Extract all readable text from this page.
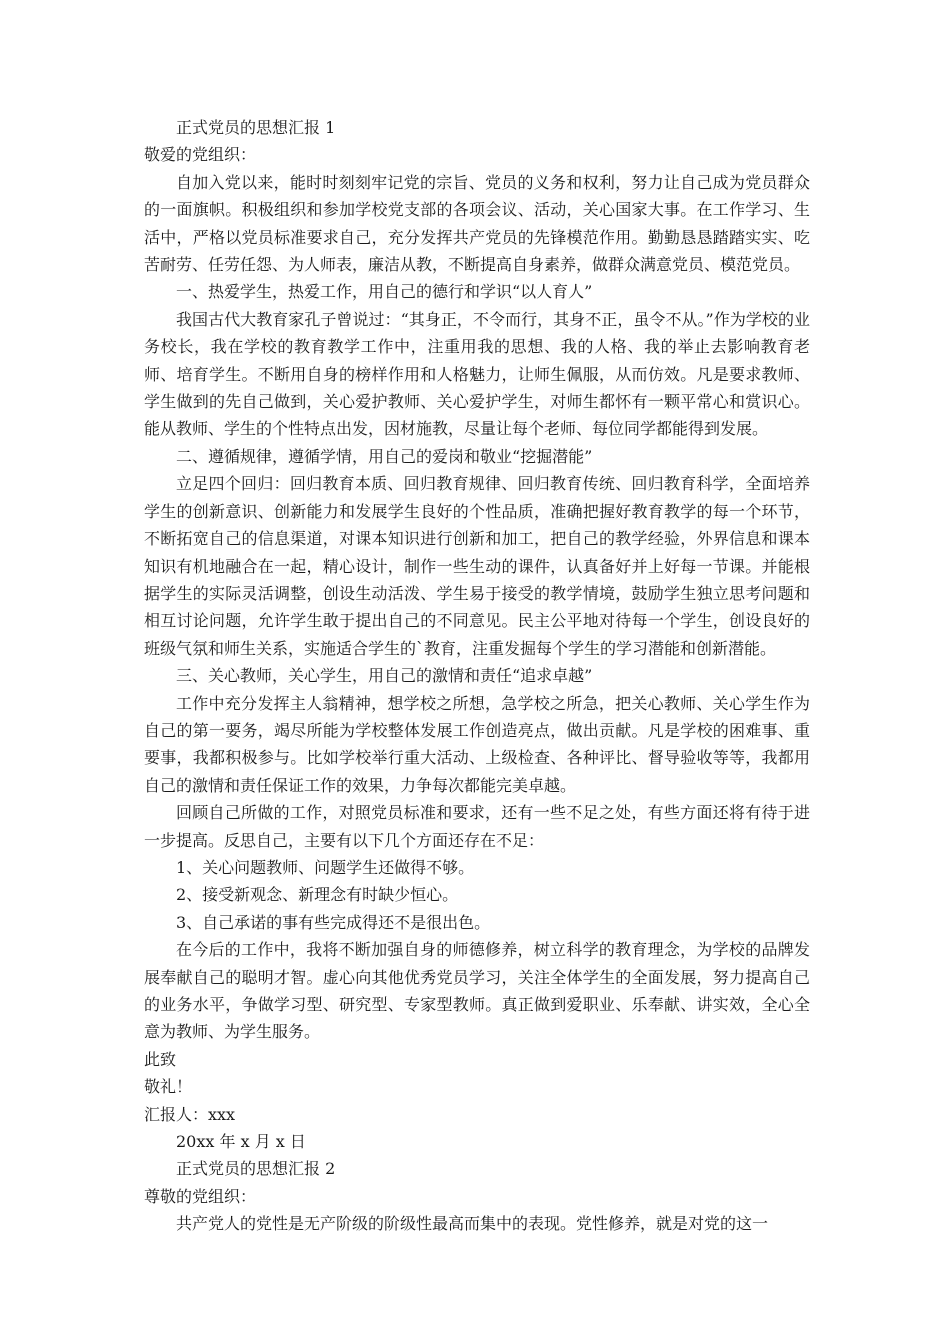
正式党员的思想汇报 1
敬爱的党组织：
自加入党以来，能时时刻刻牢记党的宗旨、党员的义务和权利，努力让自己成为党员群众的一面旗帜。积极组织和参加学校党支部的各项会议、活动，关心国家大事。在工作学习、生活中，严格以党员标准要求自己，充分发挥共产党员的先锋模范作用。勤勤恳恳踏踏实实、吃苦耐劳、任劳任怨、为人师表，廉洁从教，不断提高自身素养，做群众满意党员、模范党员。
一、热爱学生，热爱工作，用自己的德行和学识“以人育人”
我国古代大教育家孔子曾说过：“其身正，不令而行，其身不正，虽令不从。”作为学校的业务校长，我在学校的教育教学工作中，注重用我的思想、我的人格、我的举止去影响教育老师、培育学生。不断用自身的榜样作用和人格魅力，让师生佩服，从而仿效。凡是要求教师、学生做到的先自己做到，关心爱护教师、关心爱护学生，对师生都怀有一颗平常心和赏识心。能从教师、学生的个性特点出发，因材施教，尽量让每个老师、每位同学都能得到发展。
二、遵循规律，遵循学情，用自己的爱岗和敬业“挖掘潜能”
立足四个回归：回归教育本质、回归教育规律、回归教育传统、回归教育科学，全面培养学生的创新意识、创新能力和发展学生良好的个性品质，准确把握好教育教学的每一个环节，不断拓宽自己的信息渠道，对课本知识进行创新和加工，把自己的教学经验，外界信息和课本知识有机地融合在一起，精心设计，制作一些生动的课件，认真备好并上好每一节课。并能根据学生的实际灵活调整，创设生动活泼、学生易于接受的教学情境，鼓励学生独立思考问题和相互讨论问题，允许学生敢于提出自己的不同意见。民主公平地对待每一个学生，创设良好的班级气氛和师生关系，实施适合学生的`教育，注重发掘每个学生的学习潜能和创新潜能。
三、关心教师，关心学生，用自己的激情和责任“追求卓越”
工作中充分发挥主人翁精神，想学校之所想，急学校之所急，把关心教师、关心学生作为自己的第一要务，竭尽所能为学校整体发展工作创造亮点，做出贡献。凡是学校的困难事、重要事，我都积极参与。比如学校举行重大活动、上级检查、各种评比、督导验收等等，我都用自己的激情和责任保证工作的效果，力争每次都能完美卓越。
回顾自己所做的工作，对照党员标准和要求，还有一些不足之处，有些方面还将有待于进一步提高。反思自己，主要有以下几个方面还存在不足：
1、关心问题教师、问题学生还做得不够。
2、接受新观念、新理念有时缺少恒心。
3、自己承诺的事有些完成得还不是很出色。
在今后的工作中，我将不断加强自身的师德修养，树立科学的教育理念，为学校的品牌发展奉献自己的聪明才智。虚心向其他优秀党员学习，关注全体学生的全面发展，努力提高自己的业务水平，争做学习型、研究型、专家型教师。真正做到爱职业、乐奉献、讲实效，全心全意为教师、为学生服务。
此致
敬礼！
汇报人：xxx
20xx 年 x 月 x 日
正式党员的思想汇报 2
尊敬的党组织：
共产党人的党性是无产阶级的阶级性最高而集中的表现。党性修养，就是对党的这一
